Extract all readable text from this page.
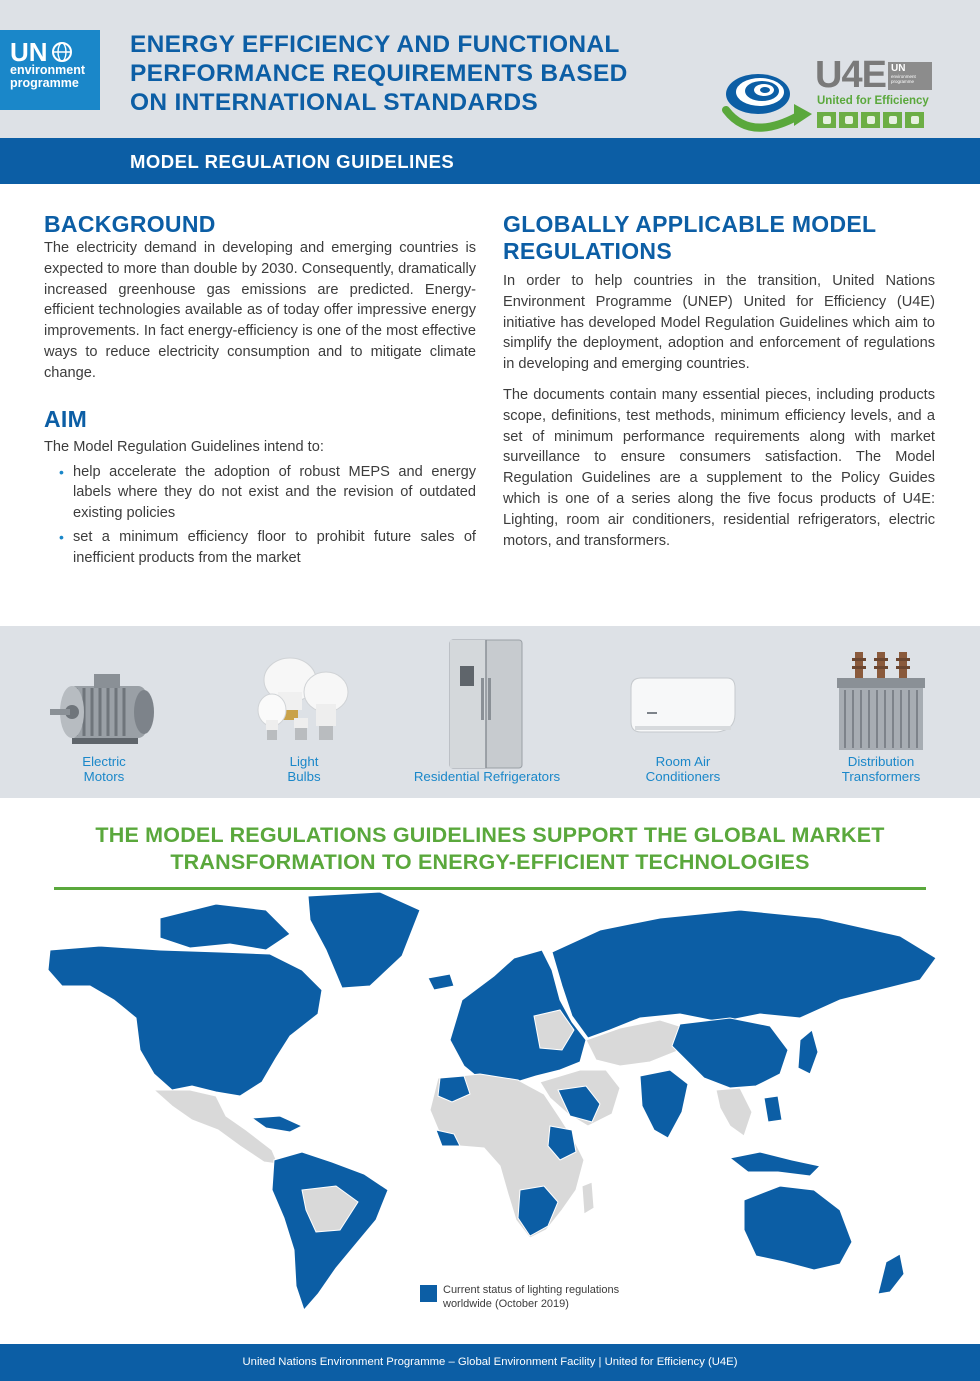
UN
environment
programme
ENERGY EFFICIENCY AND FUNCTIONAL
PERFORMANCE REQUIREMENTS BASED
ON INTERNATIONAL STANDARDS
U4E UN
environment
programme
United for Efficiency
MODEL REGULATION GUIDELINES
BACKGROUND

The electricity demand in developing and emerging countries is expected to more than double by 2030. Consequently, dramatically increased greenhouse gas emissions are predicted. Energy-efficient technologies available as of today offer impressive energy improvements. In fact energy-efficiency is one of the most effective ways to reduce electricity consumption and to mitigate climate change.

AIM

The Model Regulation Guidelines intend to:

• help accelerate the adoption of robust MEPS and energy labels where they do not exist and the revision of outdated existing policies
• set a minimum efficiency floor to prohibit future sales of inefficient products from the market
GLOBALLY APPLICABLE MODEL
REGULATIONS

In order to help countries in the transition, United Nations Environment Programme (UNEP) United for Efficiency (U4E) initiative has developed Model Regulation Guidelines which aim to simplify the deployment, adoption and enforcement of regulations in developing and emerging countries.

The documents contain many essential pieces, including products scope, definitions, test methods, minimum efficiency levels, and a set of minimum performance requirements along with market surveillance to ensure consumers satisfaction. The Model Regulation Guidelines are a supplement to the Policy Guides which is one of a series along the five focus products of U4E: Lighting, room air conditioners, residential refrigerators, electric motors, and transformers.

Electric
Motors
Light
Bulbs	Residential Refrigerators
Room Air
Conditioners
Distribution
Transformers
THE MODEL REGULATIONS GUIDELINES SUPPORT THE GLOBAL MARKET
TRANSFORMATION TO ENERGY-EFFICIENT TECHNOLOGIES
Current status of lighting regulations
worldwide (October 2019)
United Nations Environment Programme – Global Environment Facility | United for Efficiency (U4E)
